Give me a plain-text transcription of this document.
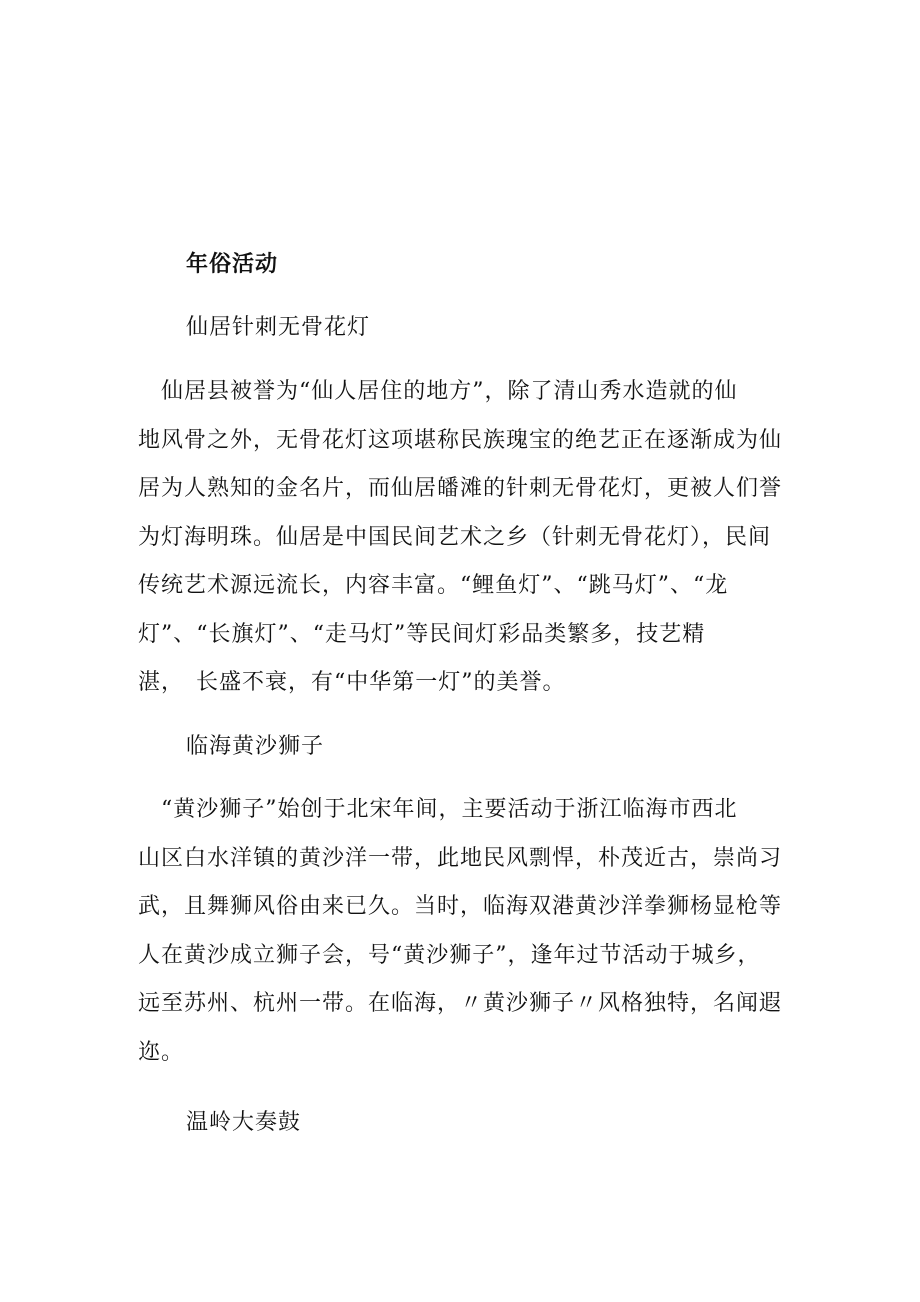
年俗活动
仙居针刺无骨花灯
　仙居县被誉为“仙人居住的地方”，除了清山秀水造就的仙
地风骨之外，无骨花灯这项堪称民族瑰宝的绝艺正在逐渐成为仙
居为人熟知的金名片，而仙居皤滩的针刺无骨花灯，更被人们誉
为灯海明珠。仙居是中国民间艺术之乡（针刺无骨花灯），民间
传统艺术源远流长，内容丰富。“鲤鱼灯”、“跳马灯”、“龙
灯”、“长旗灯”、“走马灯”等民间灯彩品类繁多，技艺精
湛，　长盛不衰，有“中华第一灯”的美誉。
临海黄沙狮子
　“黄沙狮子”始创于北宋年间，主要活动于浙江临海市西北
山区白水洋镇的黄沙洋一带，此地民风剽悍，朴茂近古，崇尚习
武，且舞狮风俗由来已久。当时，临海双港黄沙洋拳狮杨显枪等
人在黄沙成立狮子会，号“黄沙狮子”，逢年过节活动于城乡，
远至苏州、杭州一带。在临海，〃黄沙狮子〃风格独特，名闻遐
迩。
温岭大奏鼓
